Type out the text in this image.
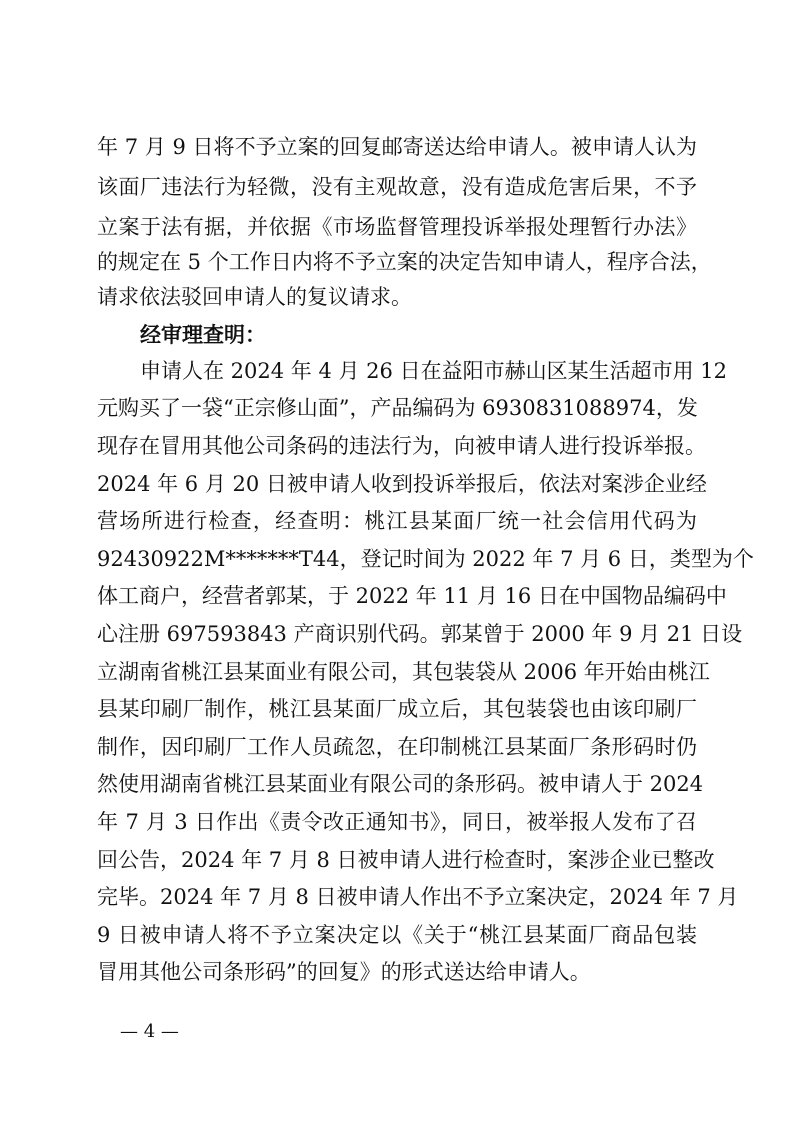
年 7 月 9 日将不予立案的回复邮寄送达给申请人。被申请人认为
该面厂违法行为轻微，没有主观故意，没有造成危害后果，不予
立案于法有据，并依据《市场监督管理投诉举报处理暂行办法》
的规定在 5 个工作日内将不予立案的决定告知申请人，程序合法，
请求依法驳回申请人的复议请求。
经审理查明：
申请人在 2024 年 4 月 26 日在益阳市赫山区某生活超市用 12
元购买了一袋“正宗修山面”，产品编码为 6930831088974，发
现存在冒用其他公司条码的违法行为，向被申请人进行投诉举报。
2024 年 6 月 20 日被申请人收到投诉举报后，依法对案涉企业经
营场所进行检查，经查明：桃江县某面厂统一社会信用代码为
92430922M*******T44，登记时间为 2022 年 7 月 6 日，类型为个
体工商户，经营者郭某，于 2022 年 11 月 16 日在中国物品编码中
心注册 697593843 产商识别代码。郭某曾于 2000 年 9 月 21 日设
立湖南省桃江县某面业有限公司，其包装袋从 2006 年开始由桃江
县某印刷厂制作，桃江县某面厂成立后，其包装袋也由该印刷厂
制作，因印刷厂工作人员疏忽，在印制桃江县某面厂条形码时仍
然使用湖南省桃江县某面业有限公司的条形码。被申请人于 2024
年 7 月 3 日作出《责令改正通知书》，同日，被举报人发布了召
回公告，2024 年 7 月 8 日被申请人进行检查时，案涉企业已整改
完毕。2024 年 7 月 8 日被申请人作出不予立案决定，2024 年 7 月
9 日被申请人将不予立案决定以《关于“桃江县某面厂商品包装
冒用其他公司条形码”的回复》的形式送达给申请人。
— 4 —
